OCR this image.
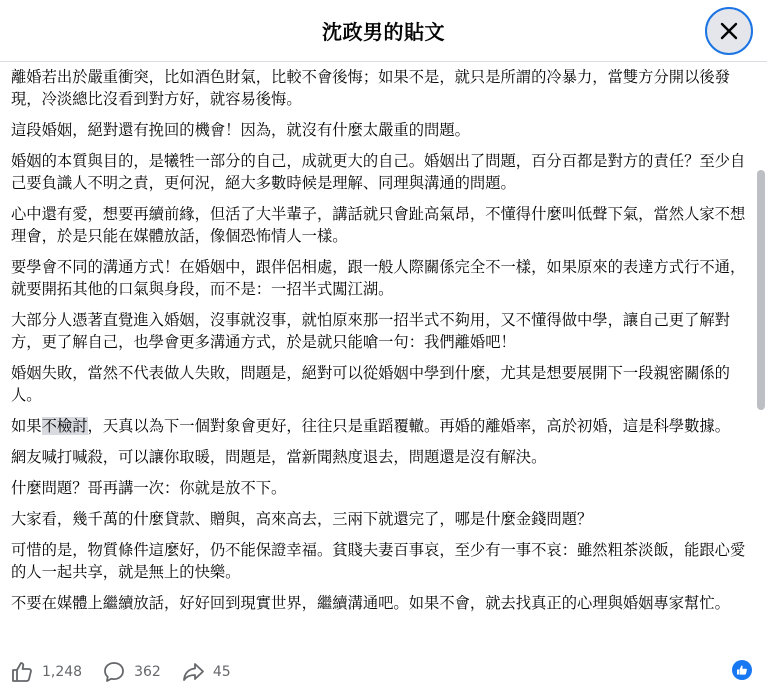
沈政男的貼文

離婚若出於嚴重衝突，比如酒色財氣，比較不會後悔；如果不是，就只是所謂的冷暴力，當雙方分開以後發現，冷淡總比沒看到對方好，就容易後悔。

這段婚姻，絕對還有挽回的機會！因為，就沒有什麼太嚴重的問題。

婚姻的本質與目的，是犧牲一部分的自己，成就更大的自己。婚姻出了問題，百分百都是對方的責任？至少自己要負識人不明之責，更何況，絕大多數時候是理解、同理與溝通的問題。

心中還有愛，想要再續前緣，但活了大半輩子，講話就只會趾高氣昂，不懂得什麼叫低聲下氣，當然人家不想理會，於是只能在媒體放話，像個恐怖情人一樣。

要學會不同的溝通方式！在婚姻中，跟伴侶相處，跟一般人際關係完全不一樣，如果原來的表達方式行不通，就要開拓其他的口氣與身段，而不是：一招半式闖江湖。

大部分人憑著直覺進入婚姻，沒事就沒事，就怕原來那一招半式不夠用，又不懂得做中學，讓自己更了解對方，更了解自己，也學會更多溝通方式，於是就只能嗆一句：我們離婚吧！

婚姻失敗，當然不代表做人失敗，問題是，絕對可以從婚姻中學到什麼，尤其是想要展開下一段親密關係的人。

如果不檢討，天真以為下一個對象會更好，往往只是重蹈覆轍。再婚的離婚率，高於初婚，這是科學數據。

網友喊打喊殺，可以讓你取暖，問題是，當新聞熱度退去，問題還是沒有解決。

什麼問題？哥再講一次：你就是放不下。

大家看，幾千萬的什麼貸款、贈與，高來高去，三兩下就還完了，哪是什麼金錢問題？

可惜的是，物質條件這麼好，仍不能保證幸福。貧賤夫妻百事哀，至少有一事不哀：雖然粗茶淡飯，能跟心愛的人一起共享，就是無上的快樂。

不要在媒體上繼續放話，好好回到現實世界，繼續溝通吧。如果不會，就去找真正的心理與婚姻專家幫忙。

1,248	362	45
